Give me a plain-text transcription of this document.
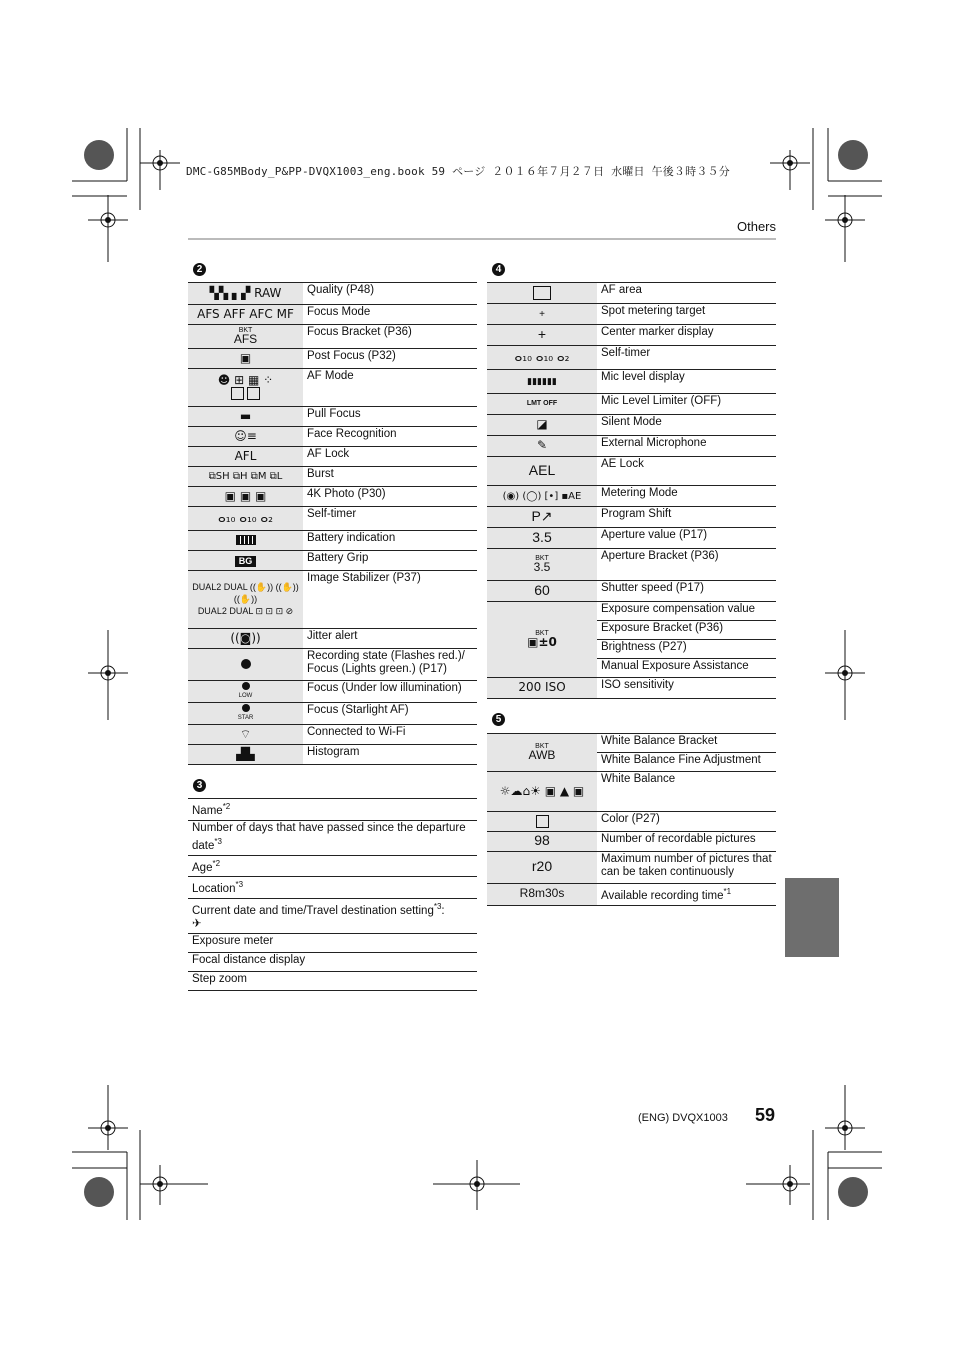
DMC-G85MBody_P&PP-DVQX1003_eng.book 59 ページ ２０１６年７月２７日 水曜日 午後３時３５分
Others
2
▚▚ ▖▞ RAW	Quality (P48)
AFS AFF AFC MF	Focus Mode

BKT
AFS	Focus Bracket (P36)
▣	Post Focus (P32)
☻ ⊞ ▦ ⁘	AF Mode
▬	Pull Focus
☺≡	Face Recognition
AFL	AF Lock
⧉SH ⧉H ⧉M ⧉L	Burst
▣ ▣ ▣	4K Photo (P30)
ⴰ₁₀ ⴰ₁₀ ⴰ₂	Self-timer
	Battery indication
BG	Battery Grip
DUAL2 DUAL ((✋)) ((✋)) ((✋))
DUAL2 DUAL ⊡ ⊡ ⊡ ⊘	Image Stabilizer (P37)
((◙))	Jitter alert
	Recording state (Flashes red.)/ Focus (Lights green.) (P17)

LOW	Focus (Under low illumination)

STAR	Focus (Starlight AF)
⌔	Connected to Wi-Fi
▟▙	Histogram
3
Name$^{*2}$
Number of days that have passed since the departure date$^{*3}$
Age$^{*2}$
Location$^{*3}$
Current date and time/Travel destination setting$^{*3}$:
✈
Exposure meter
Focal distance display
Step zoom
4
	AF area
+	Spot metering target
+	Center marker display
ⴰ₁₀ ⴰ₁₀ ⴰ₂	Self-timer
▮▮▮▮▮▮	Mic level display
LMT OFF	Mic Level Limiter (OFF)
◪	Silent Mode
✎	External Microphone
AEL	AE Lock
(◉) (◯) [•] ▪AE	Metering Mode
P↗	Program Shift
3.5	Aperture value (P17)

BKT
3.5	Aperture Bracket (P36)
60	Shutter speed (P17)

BKT
▣±0	Exposure compensation value
	Exposure Bracket (P36)
	Brightness (P27)
	Manual Exposure Assistance
200 ISO	ISO sensitivity
5
BKT
AWB	White Balance Bracket
	White Balance Fine Adjustment
☼☁⌂☀ ▣ ▲ ▣	White Balance
	Color (P27)
98	Number of recordable pictures
r20	Maximum number of pictures that can be taken continuously
R8m30s	Available recording time$^{*1}$
(ENG) DVQX1003 59
